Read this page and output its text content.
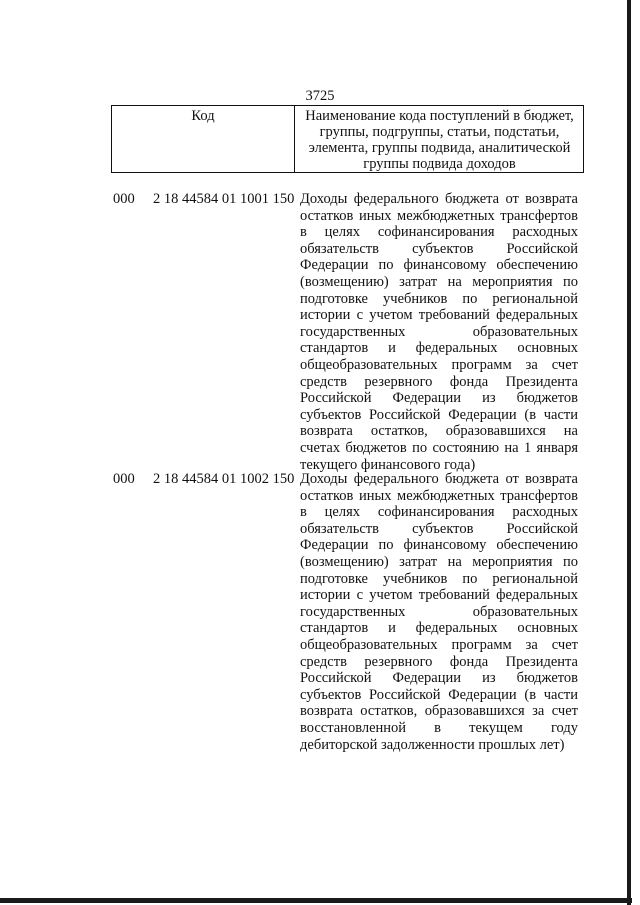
3725
Код	Наименование кода поступлений в бюджет, группы, подгруппы, статьи, подстатьи, элемента, группы подвида, аналитической группы подвида доходов
000 2 18 44584 01 1001 150 Доходы федерального бюджета от возврата остатков иных межбюджетных трансфертов в целях софинансирования расходных обязательств субъектов Российской Федерации по финансовому обеспечению (возмещению) затрат на мероприятия по подготовке учебников по региональной истории с учетом требований федеральных государственных образовательных стандартов и федеральных основных общеобразовательных программ за счет средств резервного фонда Президента Российской Федерации из бюджетов субъектов Российской Федерации (в части возврата остатков, образовавшихся на счетах бюджетов по состоянию на 1 января текущего финансового года)
000 2 18 44584 01 1002 150 Доходы федерального бюджета от возврата остатков иных межбюджетных трансфертов в целях софинансирования расходных обязательств субъектов Российской Федерации по финансовому обеспечению (возмещению) затрат на мероприятия по подготовке учебников по региональной истории с учетом требований федеральных государственных образовательных стандартов и федеральных основных общеобразовательных программ за счет средств резервного фонда Президента Российской Федерации из бюджетов субъектов Российской Федерации (в части возврата остатков, образовавшихся за счет восстановленной в текущем году дебиторской задолженности прошлых лет)
